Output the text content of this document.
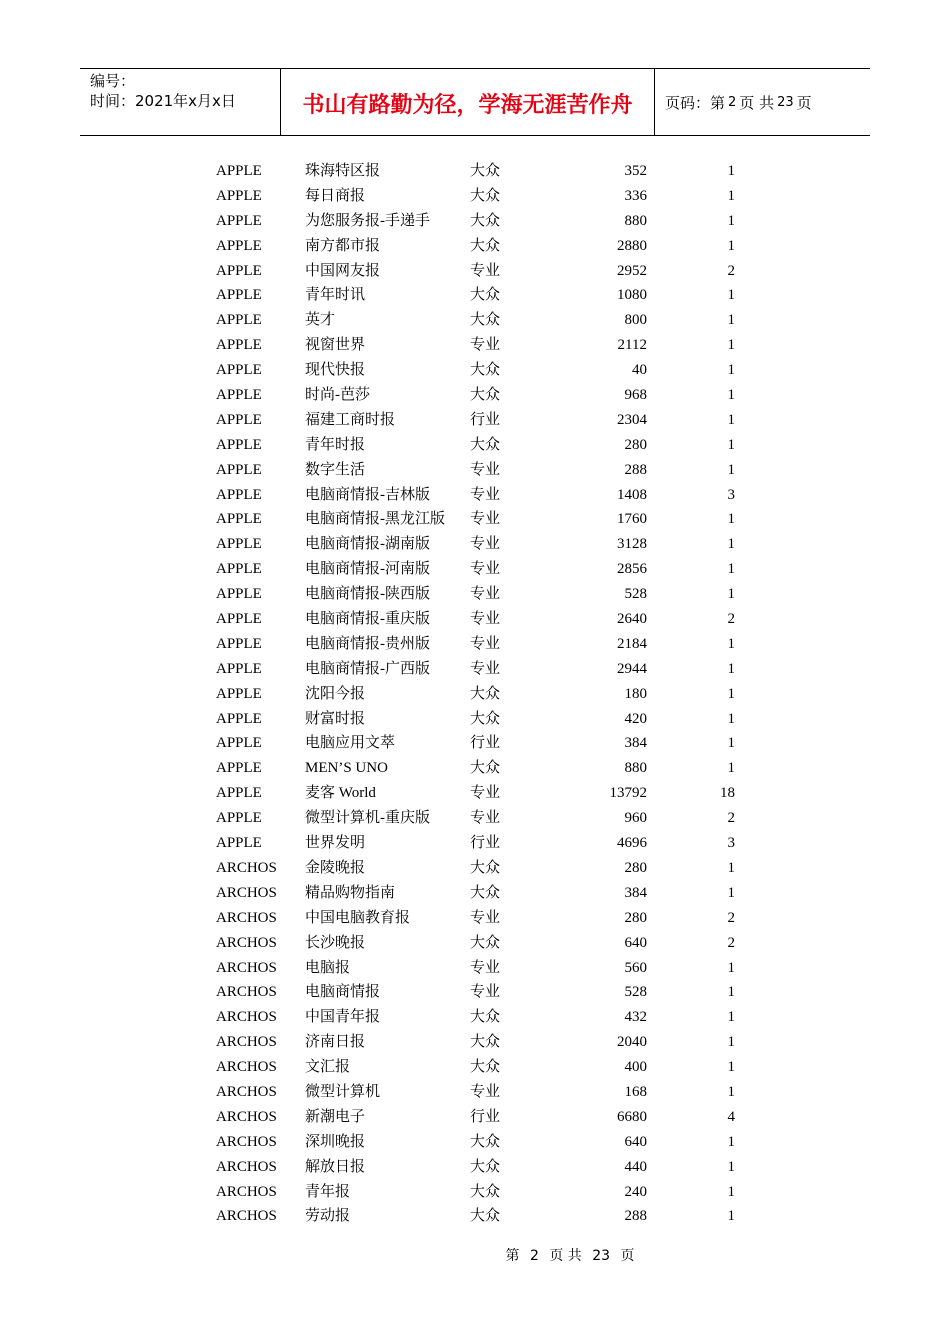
编号：
时间：2021年x月x日	书山有路勤为径，学海无涯苦作舟	页码：第 2 页 共 23 页
APPLE	珠海特区报	大众	352	1
APPLE	每日商报	大众	336	1
APPLE	为您服务报-手递手	大众	880	1
APPLE	南方都市报	大众	2880	1
APPLE	中国网友报	专业	2952	2
APPLE	青年时讯	大众	1080	1
APPLE	英才	大众	800	1
APPLE	视窗世界	专业	2112	1
APPLE	现代快报	大众	40	1
APPLE	时尚-芭莎	大众	968	1
APPLE	福建工商时报	行业	2304	1
APPLE	青年时报	大众	280	1
APPLE	数字生活	专业	288	1
APPLE	电脑商情报-吉林版	专业	1408	3
APPLE	电脑商情报-黑龙江版 专业	1760	1
APPLE	电脑商情报-湖南版	专业	3128	1
APPLE	电脑商情报-河南版	专业	2856	1
APPLE	电脑商情报-陕西版	专业	528	1
APPLE	电脑商情报-重庆版	专业	2640	2
APPLE	电脑商情报-贵州版	专业	2184	1
APPLE	电脑商情报-广西版	专业	2944	1
APPLE	沈阳今报	大众	180	1
APPLE	财富时报	大众	420	1
APPLE	电脑应用文萃	行业	384	1
APPLE	MEN’S UNO	大众	880	1
APPLE	麦客 World	专业	13792	18
APPLE	微型计算机-重庆版	专业	960	2
APPLE	世界发明	行业	4696	3
ARCHOS 金陵晚报	大众	280	1
ARCHOS 精品购物指南	大众	384	1
ARCHOS 中国电脑教育报	专业	280	2
ARCHOS 长沙晚报	大众	640	2
ARCHOS 电脑报	专业	560	1
ARCHOS 电脑商情报	专业	528	1
ARCHOS 中国青年报	大众	432	1
ARCHOS 济南日报	大众	2040	1
ARCHOS 文汇报	大众	400	1
ARCHOS 微型计算机	专业	168	1
ARCHOS 新潮电子	行业	6680	4
ARCHOS 深圳晚报	大众	640	1
ARCHOS 解放日报	大众	440	1
ARCHOS 青年报	大众	240	1
ARCHOS 劳动报	大众	288	1
第 2 页 共 23 页
